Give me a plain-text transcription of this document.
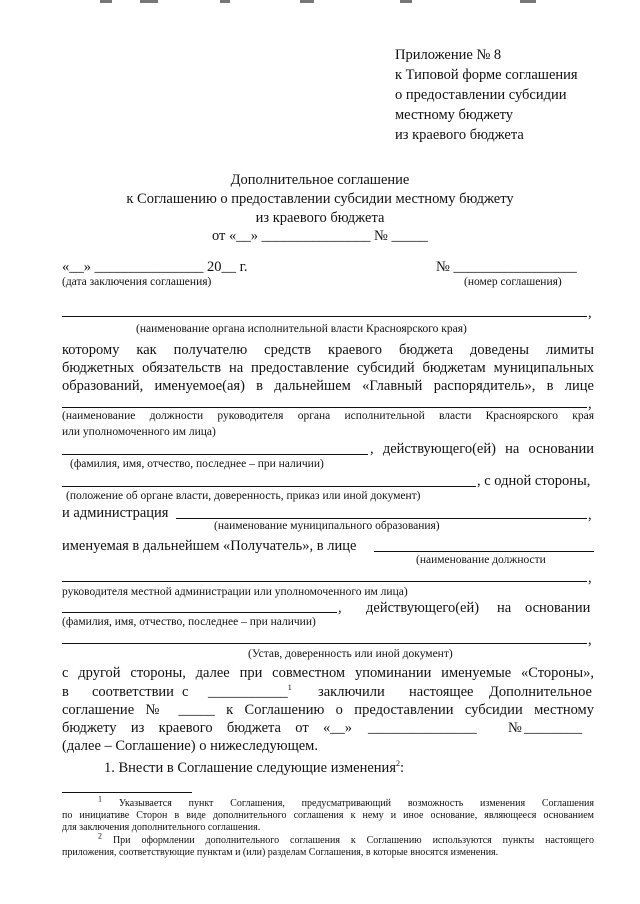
Приложение № 8
к Типовой форме соглашения
о предоставлении субсидии
местному бюджету
из краевого бюджета
Дополнительное соглашение
к Соглашению о предоставлении субсидии местному бюджету
из краевого бюджета
от «__» _______________ № _____
«__» _______________ 20__ г.	№ _________________
(дата заключения соглашения)	(номер соглашения)
,
(наименование органа исполнительной власти Красноярского края)
которому как получателю средств краевого бюджета доведены лимиты
бюджетных обязательств на предоставление субсидий бюджетам муниципальных
образований, именуемое(ая) в дальнейшем «Главный распорядитель», в лице
,
(наименование должности руководителя органа исполнительной власти Красноярского края
или уполномоченного им лица)
, действующего(ей) на основании
(фамилия, имя, отчество, последнее – при наличии)
, с одной стороны,
(положение об органе власти, доверенность, приказ или иной документ)
и администрация	,
(наименование муниципального образования)
именуемая в дальнейшем «Получатель», в лице
(наименование должности
,
руководителя местной администрации или уполномоченного им лица)
, действующего(ей) на основании
(фамилия, имя, отчество, последнее – при наличии)
,
(Устав, доверенность или иной документ)
с другой стороны, далее при совместном упоминании именуемые «Стороны»,
в соответствии с ___________$^1$ заключили настоящее Дополнительное
соглашение № _____ к Соглашению о предоставлении субсидии местному
бюджету из краевого бюджета от «__» _______________ № ________
(далее – Соглашение) о нижеследующем.
1. Внести в Соглашение следующие изменения$^2$:
$^1$ Указывается пункт Соглашения, предусматривающий возможность изменения Соглашения
по инициативе Сторон в виде дополнительного соглашения к нему и иное основание, являющееся основанием
для заключения дополнительного соглашения.
$^2$ При оформлении дополнительного соглашения к Соглашению используются пункты настоящего
приложения, соответствующие пунктам и (или) разделам Соглашения, в которые вносятся изменения.
